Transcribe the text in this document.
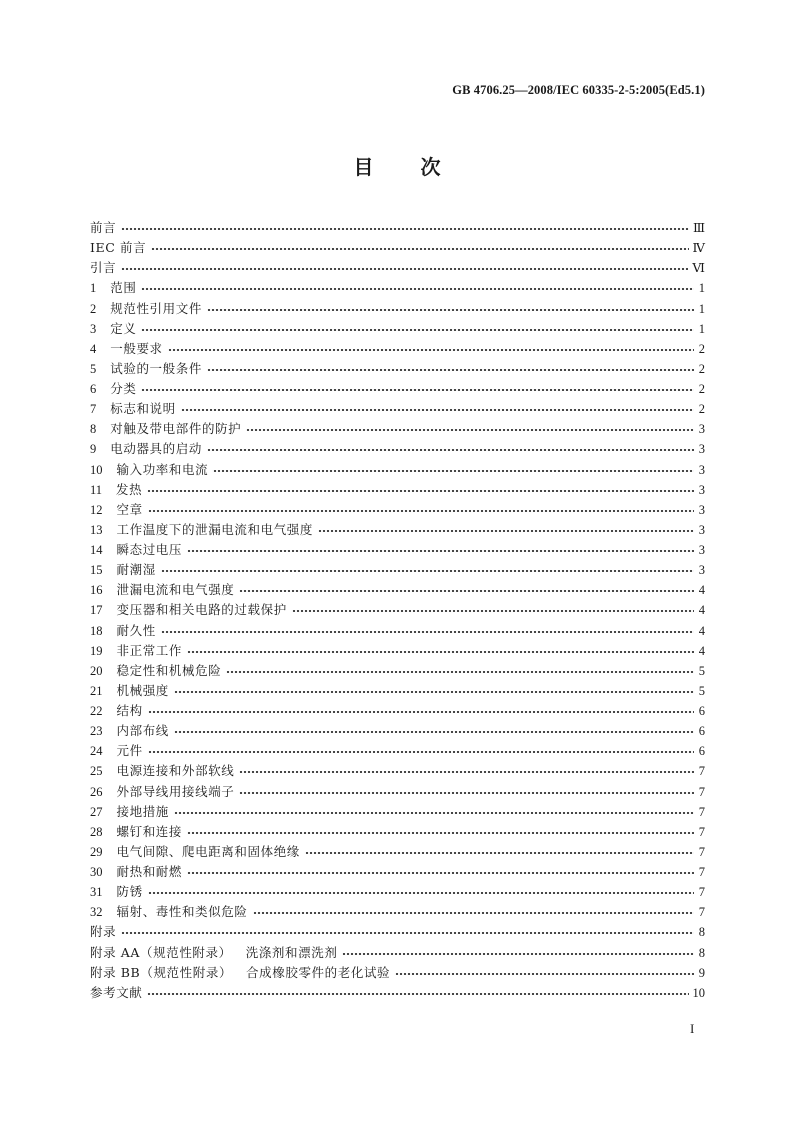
GB 4706.25—2008/IEC 60335-2-5:2005(Ed5.1)
目 次
前言	Ⅲ
IEC 前言	Ⅳ
引言	Ⅵ
1 范围	1
2 规范性引用文件	1
3 定义	1
4 一般要求	2
5 试验的一般条件	2
6 分类	2
7 标志和说明	2
8 对触及带电部件的防护	3
9 电动器具的启动	3
10 输入功率和电流	3
11 发热	3
12 空章	3
13 工作温度下的泄漏电流和电气强度	3
14 瞬态过电压	3
15 耐潮湿	3
16 泄漏电流和电气强度	4
17 变压器和相关电路的过载保护	4
18 耐久性	4
19 非正常工作	4
20 稳定性和机械危险	5
21 机械强度	5
22 结构	6
23 内部布线	6
24 元件	6
25 电源连接和外部软线	7
26 外部导线用接线端子	7
27 接地措施	7
28 螺钉和连接	7
29 电气间隙、爬电距离和固体绝缘	7
30 耐热和耐燃	7
31 防锈	7
32 辐射、毒性和类似危险	7
附录	8
附录 AA（规范性附录） 洗涤剂和漂洗剂	8
附录 BB（规范性附录） 合成橡胶零件的老化试验	9
参考文献	10
I
